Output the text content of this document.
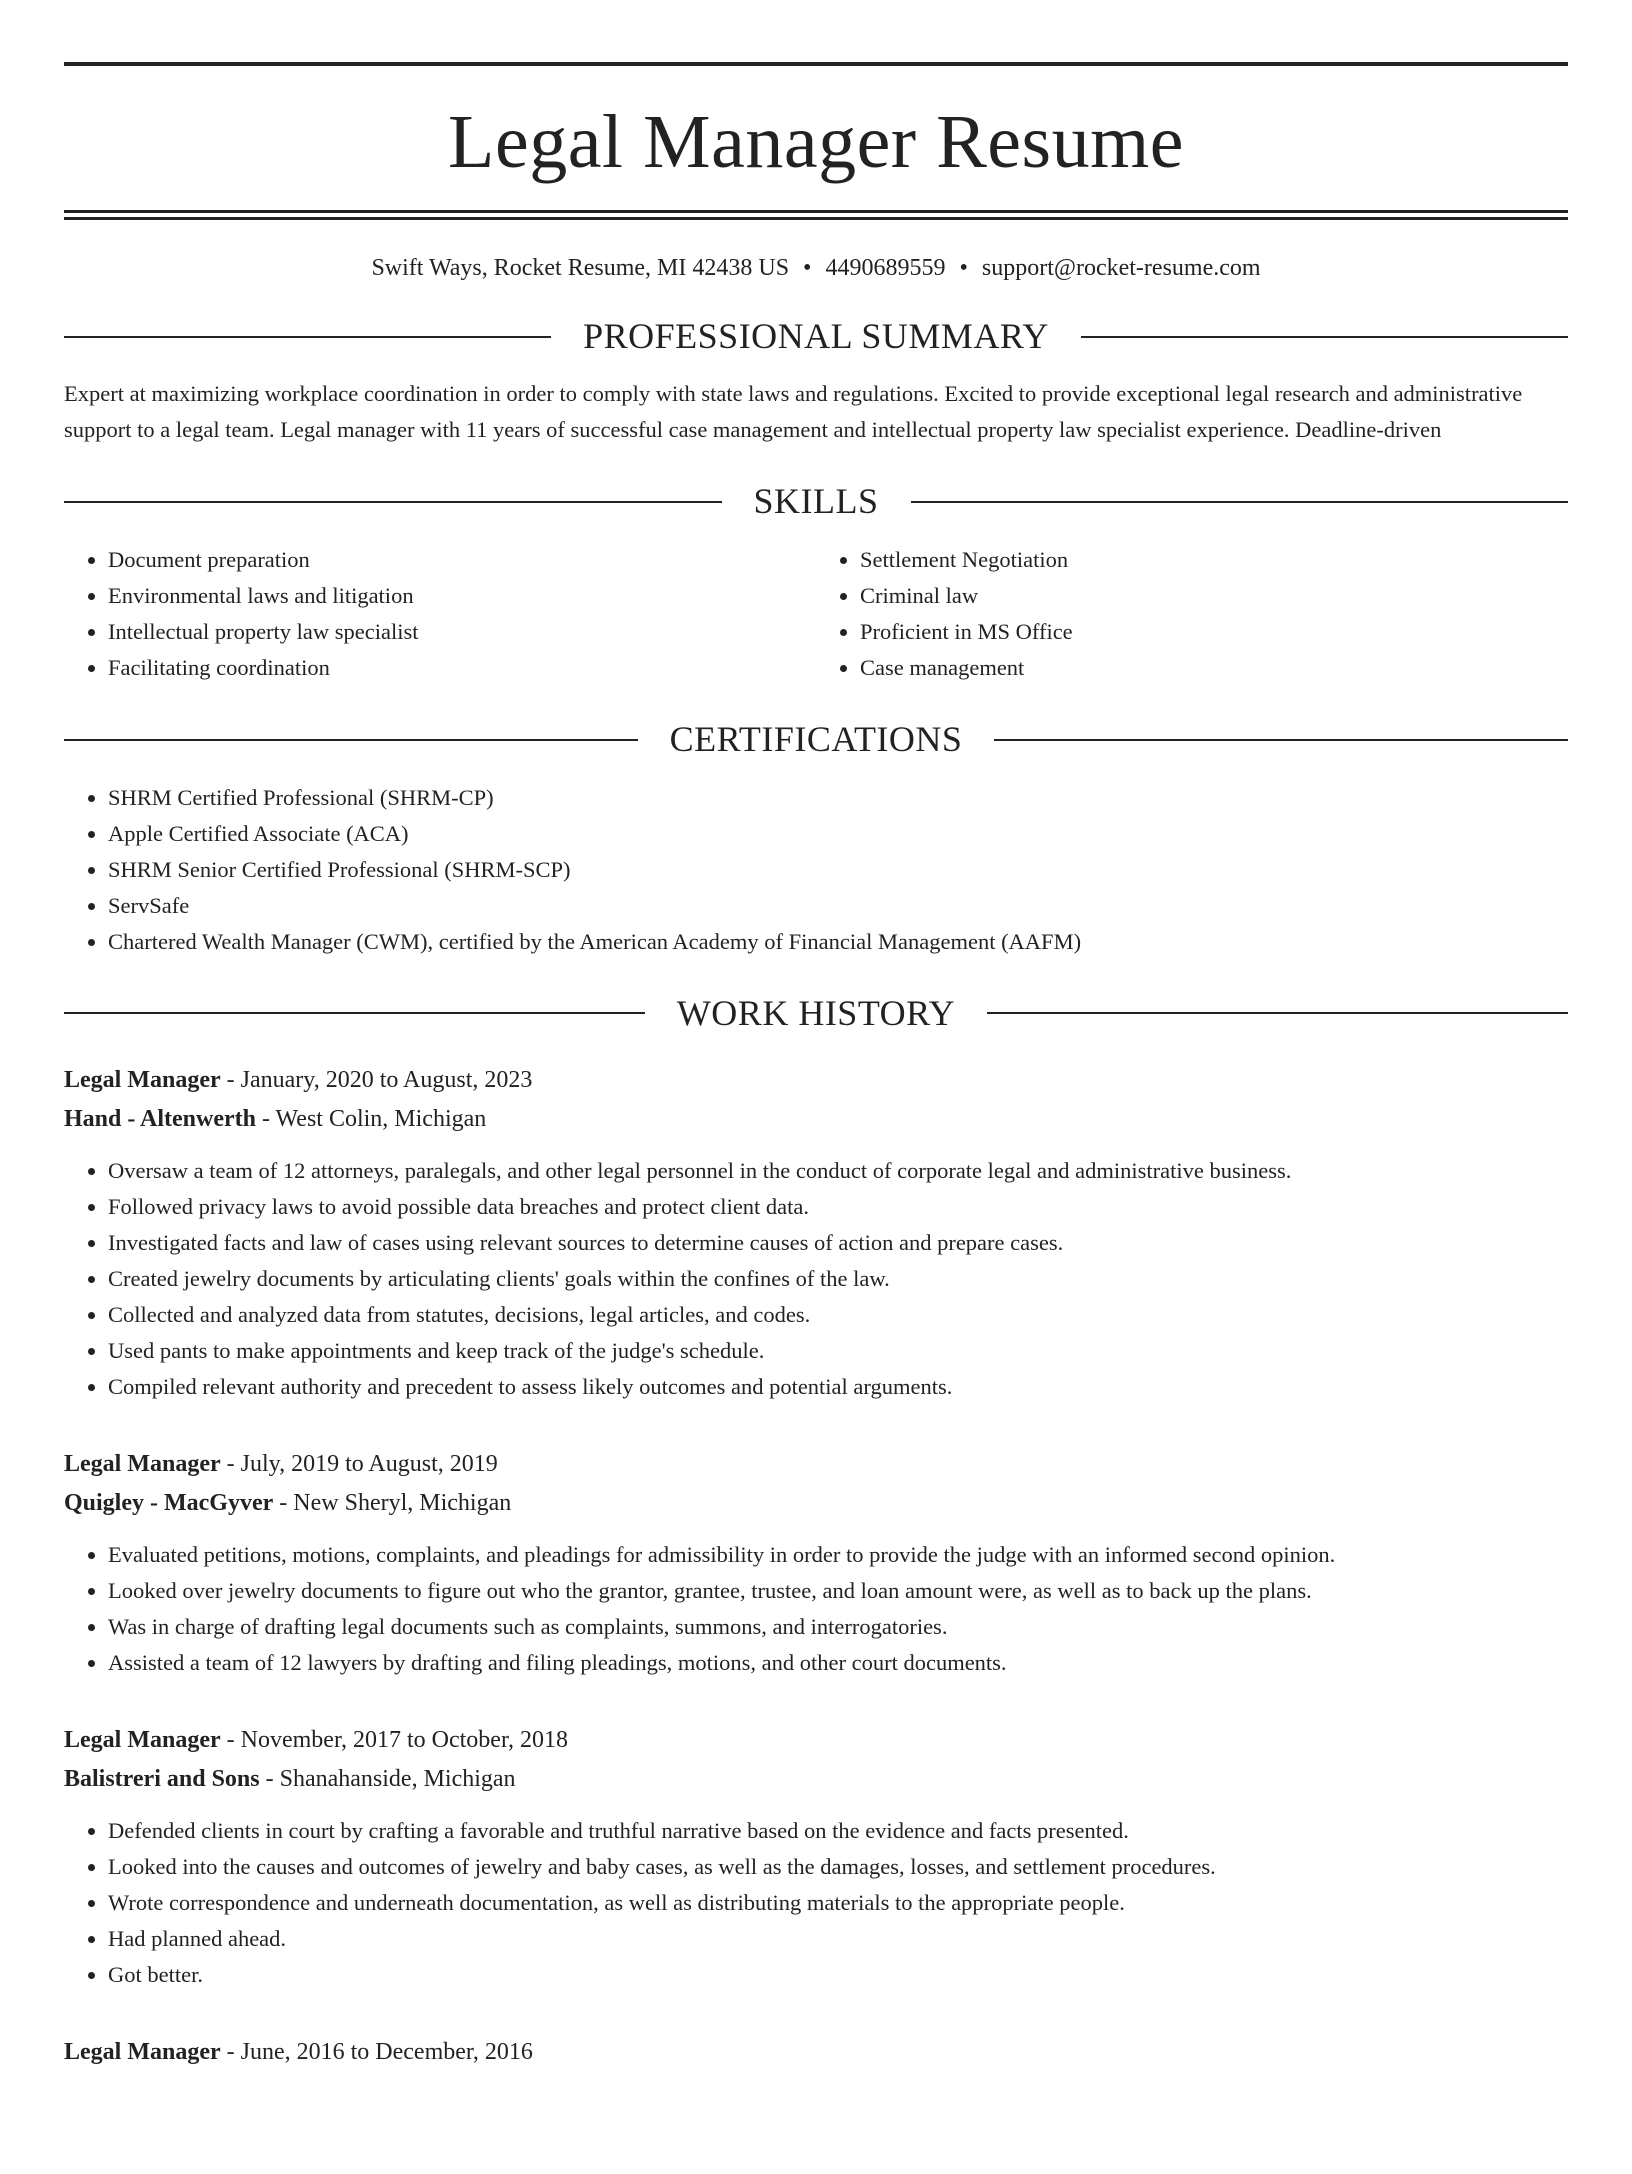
Legal Manager Resume
Swift Ways, Rocket Resume, MI 42438 US • 4490689559 • support@rocket-resume.com
PROFESSIONAL SUMMARY
Expert at maximizing workplace coordination in order to comply with state laws and regulations. Excited to provide exceptional legal research and administrative support to a legal team. Legal manager with 11 years of successful case management and intellectual property law specialist experience. Deadline-driven
SKILLS
• Document preparation
• Environmental laws and litigation
• Intellectual property law specialist
• Facilitating coordination
• Settlement Negotiation
• Criminal law
• Proficient in MS Office
• Case management
CERTIFICATIONS
• SHRM Certified Professional (SHRM-CP)
• Apple Certified Associate (ACA)
• SHRM Senior Certified Professional (SHRM-SCP)
• ServSafe
• Chartered Wealth Manager (CWM), certified by the American Academy of Financial Management (AAFM)
WORK HISTORY
Legal Manager - January, 2020 to August, 2023
Hand - Altenwerth - West Colin, Michigan
• Oversaw a team of 12 attorneys, paralegals, and other legal personnel in the conduct of corporate legal and administrative business.
• Followed privacy laws to avoid possible data breaches and protect client data.
• Investigated facts and law of cases using relevant sources to determine causes of action and prepare cases.
• Created jewelry documents by articulating clients' goals within the confines of the law.
• Collected and analyzed data from statutes, decisions, legal articles, and codes.
• Used pants to make appointments and keep track of the judge's schedule.
• Compiled relevant authority and precedent to assess likely outcomes and potential arguments.
Legal Manager - July, 2019 to August, 2019
Quigley - MacGyver - New Sheryl, Michigan
• Evaluated petitions, motions, complaints, and pleadings for admissibility in order to provide the judge with an informed second opinion.
• Looked over jewelry documents to figure out who the grantor, grantee, trustee, and loan amount were, as well as to back up the plans.
• Was in charge of drafting legal documents such as complaints, summons, and interrogatories.
• Assisted a team of 12 lawyers by drafting and filing pleadings, motions, and other court documents.
Legal Manager - November, 2017 to October, 2018
Balistreri and Sons - Shanahanside, Michigan
• Defended clients in court by crafting a favorable and truthful narrative based on the evidence and facts presented.
• Looked into the causes and outcomes of jewelry and baby cases, as well as the damages, losses, and settlement procedures.
• Wrote correspondence and underneath documentation, as well as distributing materials to the appropriate people.
• Had planned ahead.
• Got better.
Legal Manager - June, 2016 to December, 2016
